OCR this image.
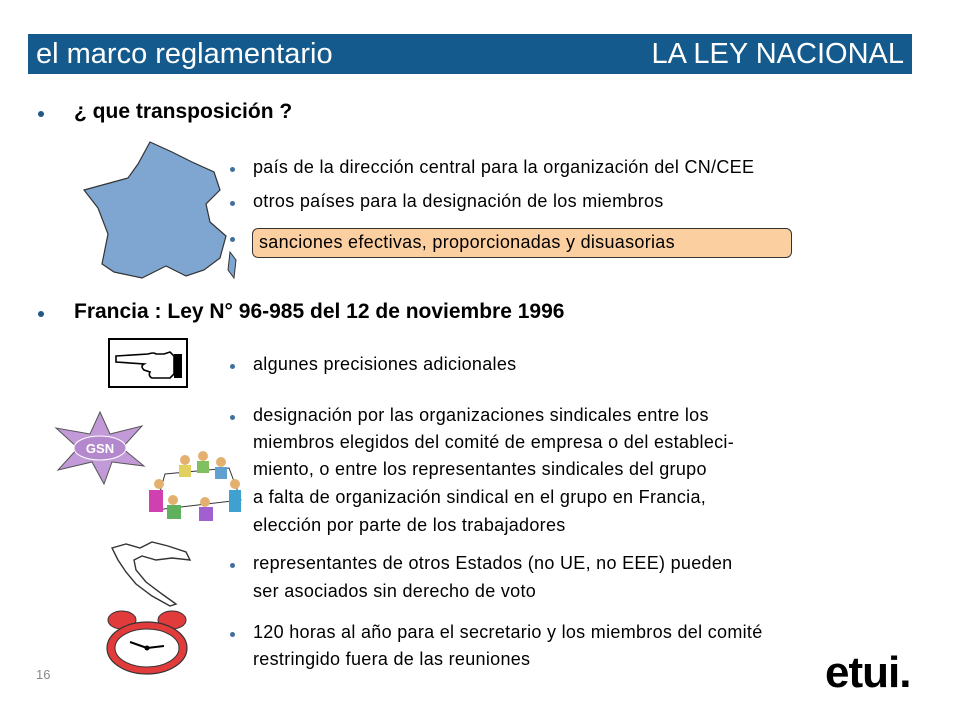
el marco reglamentario	LA LEY NACIONAL
¿ que transposición ?
país de la dirección central para la organización del CN/CEE
otros países para la designación de los miembros
sanciones efectivas, proporcionadas y disuasorias
Francia : Ley N° 96-985 del 12 de noviembre 1996
algunes precisiones adicionales
GSN
designación por las organizaciones sindicales entre los
miembros elegidos del comité de empresa o del estableci-
miento, o entre los representantes sindicales del grupo
a falta de organización sindical en el grupo en Francia,
elección por parte de los trabajadores
representantes de otros Estados (no UE, no EEE) pueden
ser asociados sin derecho de voto
120 horas al año para el secretario y los miembros del comité
restringido fuera de las reuniones
16	etui.
